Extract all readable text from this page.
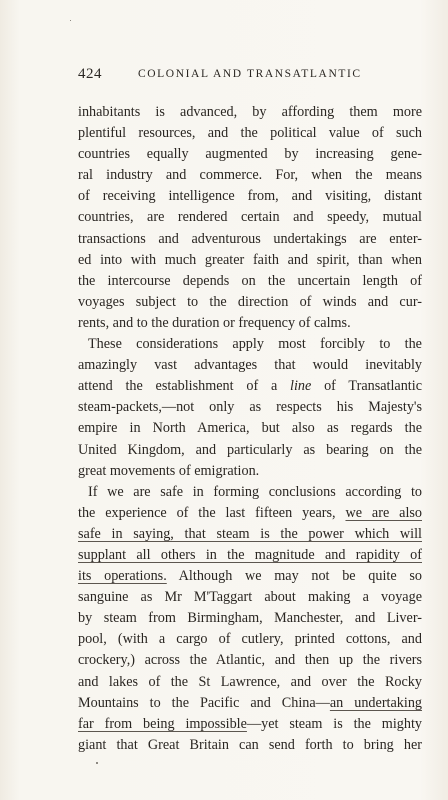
424	COLONIAL AND TRANSATLANTIC
inhabitants is advanced, by affording them more
plentiful resources, and the political value of such
countries equally augmented by increasing gene-
ral industry and commerce. For, when the means
of receiving intelligence from, and visiting, distant
countries, are rendered certain and speedy, mutual
transactions and adventurous undertakings are enter-
ed into with much greater faith and spirit, than when
the intercourse depends on the uncertain length of
voyages subject to the direction of winds and cur-
rents, and to the duration or frequency of calms.
These considerations apply most forcibly to the
amazingly vast advantages that would inevitably
attend the establishment of a line of Transatlantic
steam-packets,—not only as respects his Majesty's
empire in North America, but also as regards the
United Kingdom, and particularly as bearing on the
great movements of emigration.
If we are safe in forming conclusions according to
the experience of the last fifteen years, we are also
safe in saying, that steam is the power which will
supplant all others in the magnitude and rapidity of
its operations. Although we may not be quite so
sanguine as Mr M'Taggart about making a voyage
by steam from Birmingham, Manchester, and Liver-
pool, (with a cargo of cutlery, printed cottons, and
crockery,) across the Atlantic, and then up the rivers
and lakes of the St Lawrence, and over the Rocky
Mountains to the Pacific and China—an undertaking
far from being impossible—yet steam is the mighty
giant that Great Britain can send forth to bring her
